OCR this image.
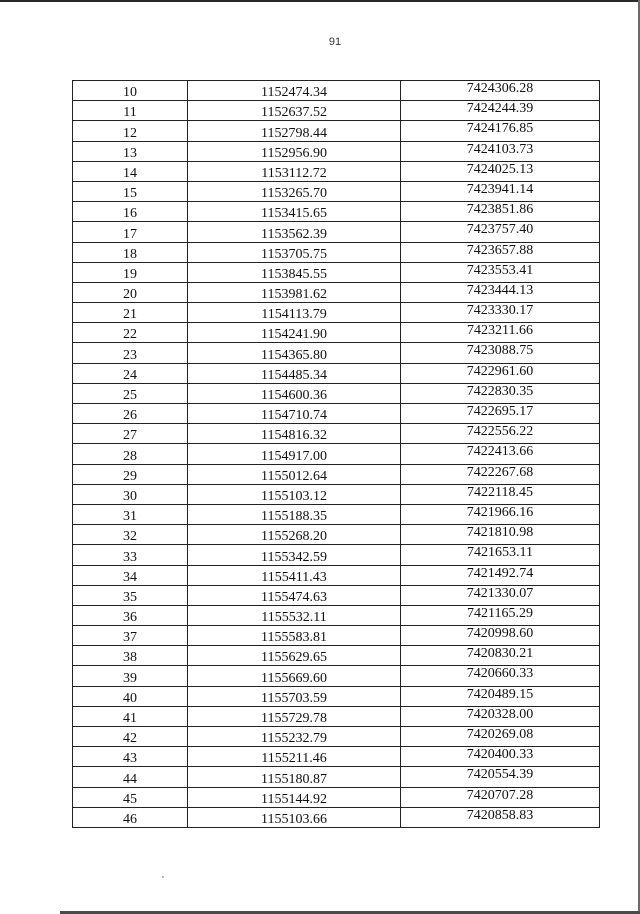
91
10	1152474.34	7424306.28
11	1152637.52	7424244.39
12	1152798.44	7424176.85
13	1152956.90	7424103.73
14	1153112.72	7424025.13
15	1153265.70	7423941.14
16	1153415.65	7423851.86
17	1153562.39	7423757.40
18	1153705.75	7423657.88
19	1153845.55	7423553.41
20	1153981.62	7423444.13
21	1154113.79	7423330.17
22	1154241.90	7423211.66
23	1154365.80	7423088.75
24	1154485.34	7422961.60
25	1154600.36	7422830.35
26	1154710.74	7422695.17
27	1154816.32	7422556.22
28	1154917.00	7422413.66
29	1155012.64	7422267.68
30	1155103.12	7422118.45
31	1155188.35	7421966.16
32	1155268.20	7421810.98
33	1155342.59	7421653.11
34	1155411.43	7421492.74
35	1155474.63	7421330.07
36	1155532.11	7421165.29
37	1155583.81	7420998.60
38	1155629.65	7420830.21
39	1155669.60	7420660.33
40	1155703.59	7420489.15
41	1155729.78	7420328.00
42	1155232.79	7420269.08
43	1155211.46	7420400.33
44	1155180.87	7420554.39
45	1155144.92	7420707.28
46	1155103.66	7420858.83
